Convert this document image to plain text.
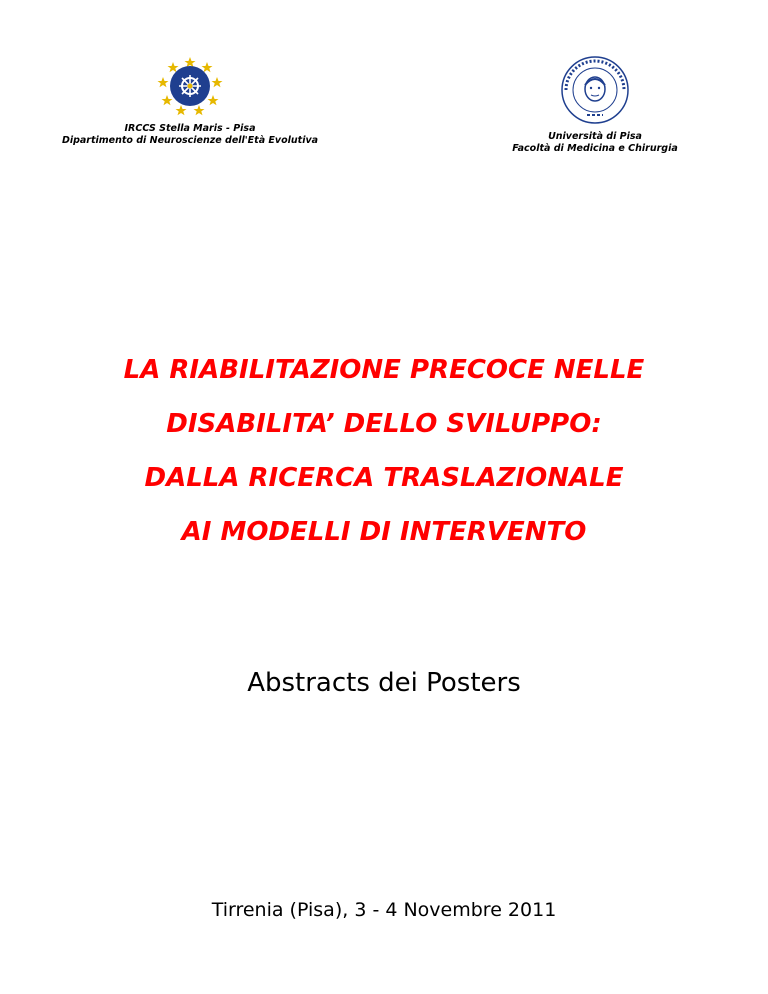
IRCCS Stella Maris - Pisa
Dipartimento di Neuroscienze dell'Età Evolutiva	Università di Pisa
Facoltà di Medicina e Chirurgia
LA RIABILITAZIONE PRECOCE NELLE
DISABILITA’ DELLO SVILUPPO:
DALLA RICERCA TRASLAZIONALE
AI MODELLI DI INTERVENTO
Abstracts dei Posters
Tirrenia (Pisa), 3 - 4 Novembre 2011
